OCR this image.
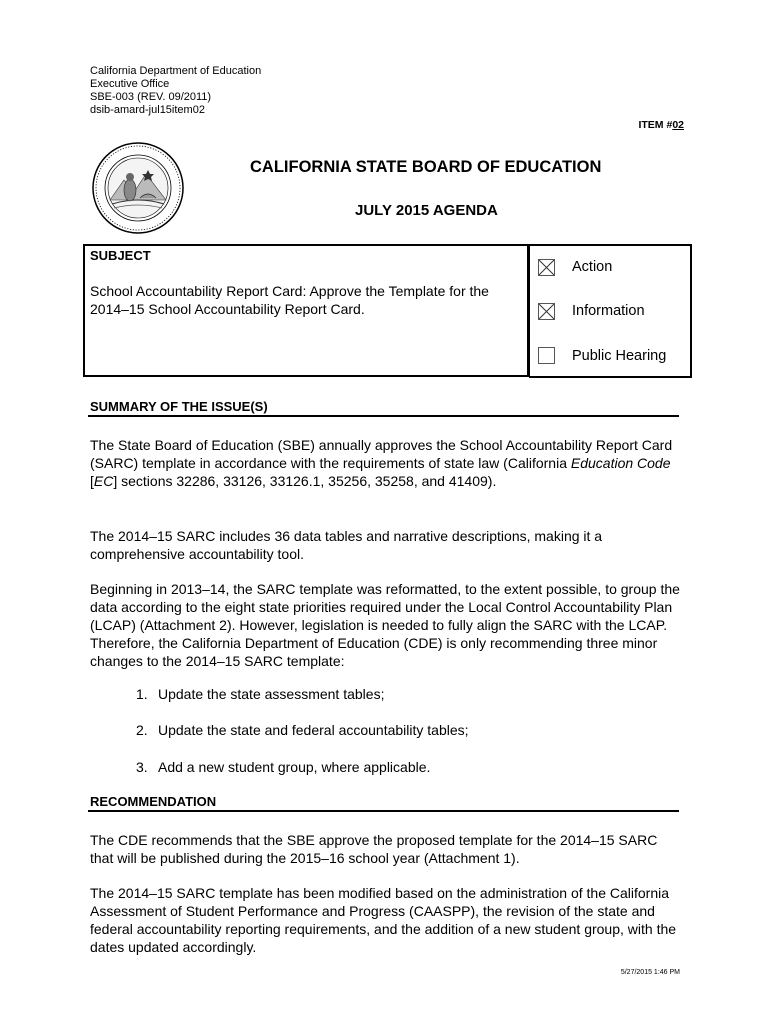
California Department of Education
Executive Office
SBE-003 (REV. 09/2011)
dsib-amard-jul15item02
ITEM #02
CALIFORNIA STATE BOARD OF EDUCATION
JULY 2015 AGENDA
SUBJECT
School Accountability Report Card: Approve the Template for the 2014–15 School Accountability Report Card.
Action
Information
Public Hearing
SUMMARY OF THE ISSUE(S)

The State Board of Education (SBE) annually approves the School Accountability Report Card (SARC) template in accordance with the requirements of state law (California Education Code [EC] sections 32286, 33126, 33126.1, 35256, 35258, and 41409).

The 2014–15 SARC includes 36 data tables and narrative descriptions, making it a comprehensive accountability tool.
Beginning in 2013–14, the SARC template was reformatted, to the extent possible, to group the data according to the eight state priorities required under the Local Control Accountability Plan (LCAP) (Attachment 2). However, legislation is needed to fully align the SARC with the LCAP. Therefore, the California Department of Education (CDE) is only recommending three minor changes to the 2014–15 SARC template:
1. Update the state assessment tables;
2. Update the state and federal accountability tables;
3. Add a new student group, where applicable.
RECOMMENDATION
The CDE recommends that the SBE approve the proposed template for the 2014–15 SARC that will be published during the 2015–16 school year (Attachment 1).
The 2014–15 SARC template has been modified based on the administration of the California Assessment of Student Performance and Progress (CAASPP), the revision of the state and federal accountability reporting requirements, and the addition of a new student group, with the dates updated accordingly.
5/27/2015 1:46 PM
